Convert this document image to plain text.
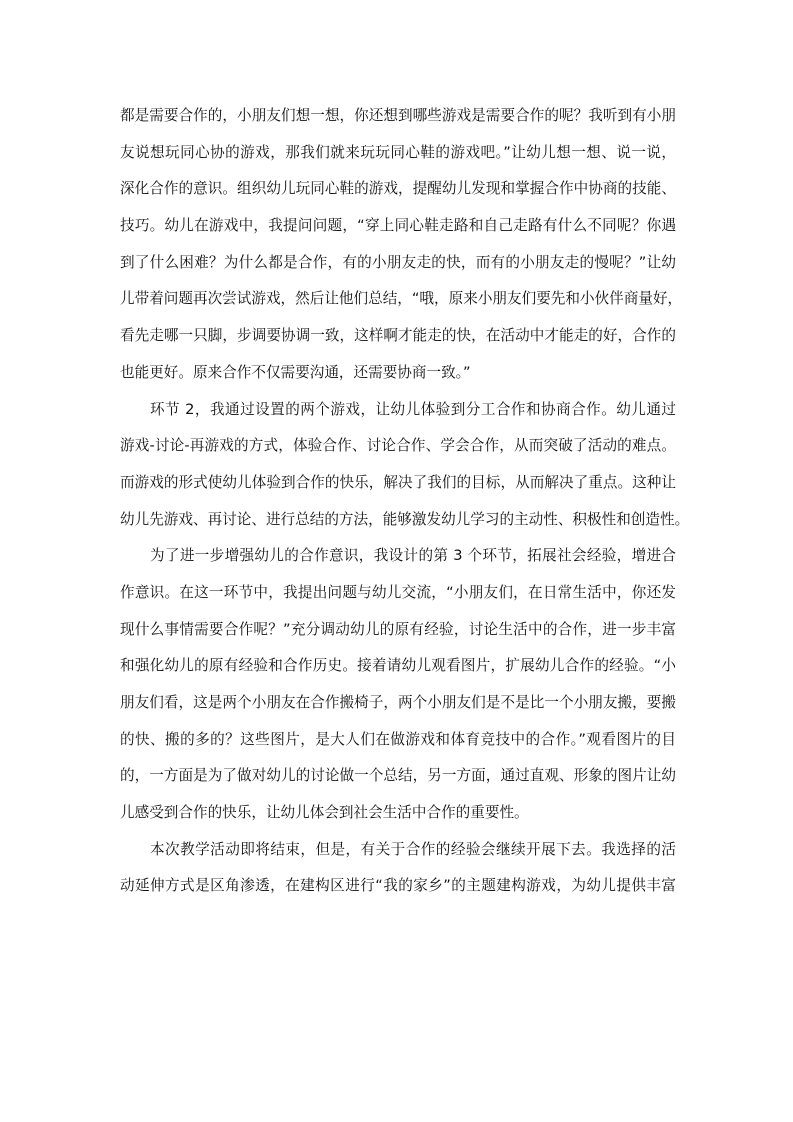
都是需要合作的，小朋友们想一想，你还想到哪些游戏是需要合作的呢？我听到有小朋
友说想玩同心协的游戏，那我们就来玩玩同心鞋的游戏吧。”让幼儿想一想、说一说，
深化合作的意识。组织幼儿玩同心鞋的游戏，提醒幼儿发现和掌握合作中协商的技能、
技巧。幼儿在游戏中，我提问问题，“穿上同心鞋走路和自己走路有什么不同呢？你遇
到了什么困难？为什么都是合作，有的小朋友走的快，而有的小朋友走的慢呢？”让幼
儿带着问题再次尝试游戏，然后让他们总结，“哦，原来小朋友们要先和小伙伴商量好，
看先走哪一只脚，步调要协调一致，这样啊才能走的快，在活动中才能走的好，合作的
也能更好。原来合作不仅需要沟通，还需要协商一致。”
环节 2，我通过设置的两个游戏，让幼儿体验到分工合作和协商合作。幼儿通过
游戏-讨论-再游戏的方式，体验合作、讨论合作、学会合作，从而突破了活动的难点。
而游戏的形式使幼儿体验到合作的快乐，解决了我们的目标，从而解决了重点。这种让
幼儿先游戏、再讨论、进行总结的方法，能够激发幼儿学习的主动性、积极性和创造性。
为了进一步增强幼儿的合作意识，我设计的第 3 个环节，拓展社会经验，增进合
作意识。在这一环节中，我提出问题与幼儿交流，“小朋友们，在日常生活中，你还发
现什么事情需要合作呢？”充分调动幼儿的原有经验，讨论生活中的合作，进一步丰富
和强化幼儿的原有经验和合作历史。接着请幼儿观看图片，扩展幼儿合作的经验。“小
朋友们看，这是两个小朋友在合作搬椅子，两个小朋友们是不是比一个小朋友搬，要搬
的快、搬的多的？这些图片，是大人们在做游戏和体育竞技中的合作。”观看图片的目
的，一方面是为了做对幼儿的讨论做一个总结，另一方面，通过直观、形象的图片让幼
儿感受到合作的快乐，让幼儿体会到社会生活中合作的重要性。
本次教学活动即将结束，但是，有关于合作的经验会继续开展下去。我选择的活
动延伸方式是区角渗透，在建构区进行“我的家乡”的主题建构游戏，为幼儿提供丰富
